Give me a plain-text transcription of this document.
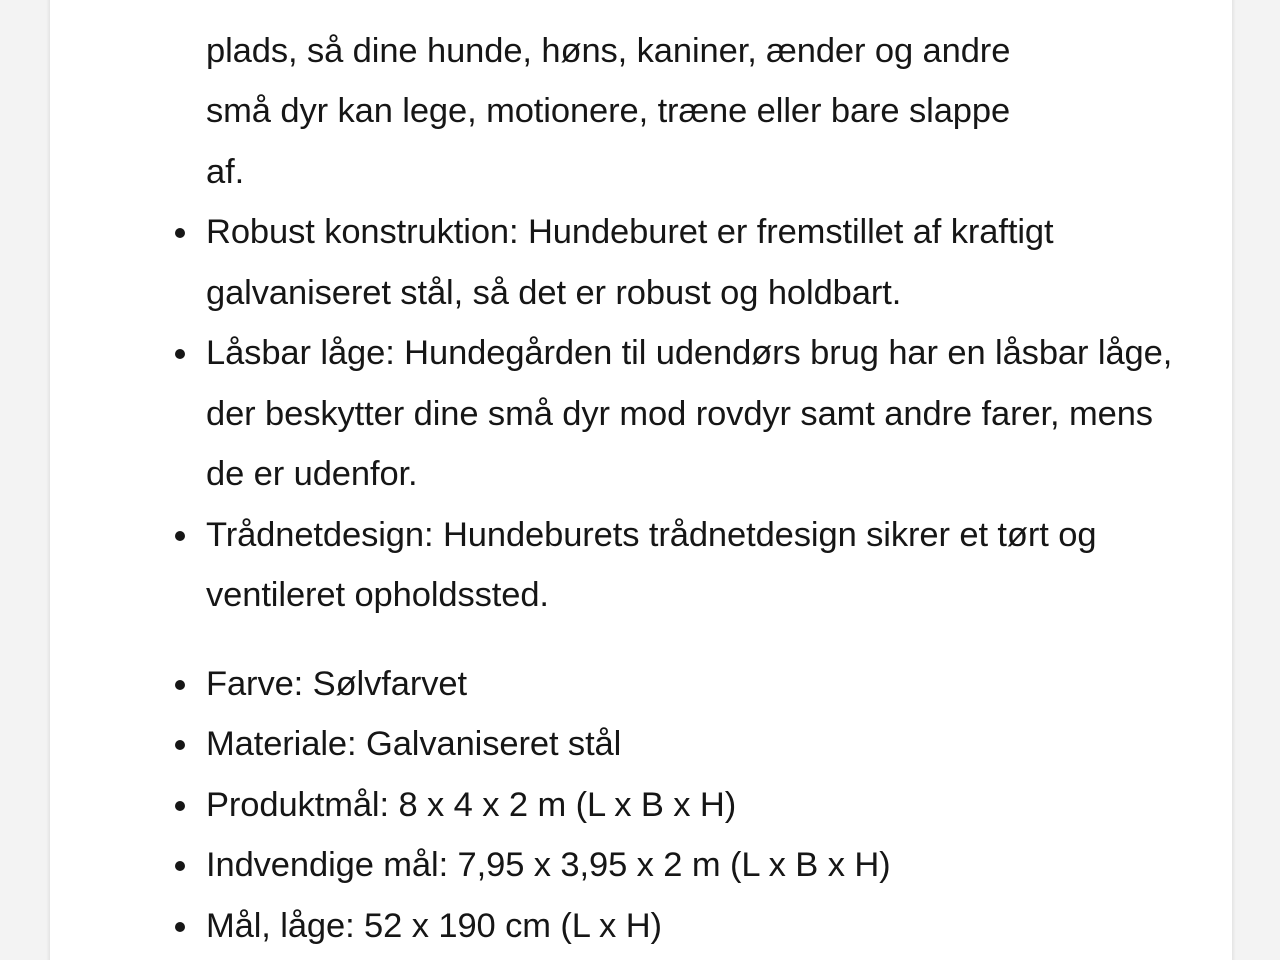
plads, så dine hunde, høns, kaniner, ænder og andre
små dyr kan lege, motionere, træne eller bare slappe
af.
Robust konstruktion: Hundeburet er fremstillet af kraftigt galvaniseret stål, så det er robust og holdbart.
Låsbar låge: Hundegården til udendørs brug har en låsbar låge, der beskytter dine små dyr mod rovdyr samt andre farer, mens de er udenfor.
Trådnetdesign: Hundeburets trådnetdesign sikrer et tørt og ventileret opholdssted.
Farve: Sølvfarvet
Materiale: Galvaniseret stål
Produktmål: 8 x 4 x 2 m (L x B x H)
Indvendige mål: 7,95 x 3,95 x 2 m (L x B x H)
Mål, låge: 52 x 190 cm (L x H)
